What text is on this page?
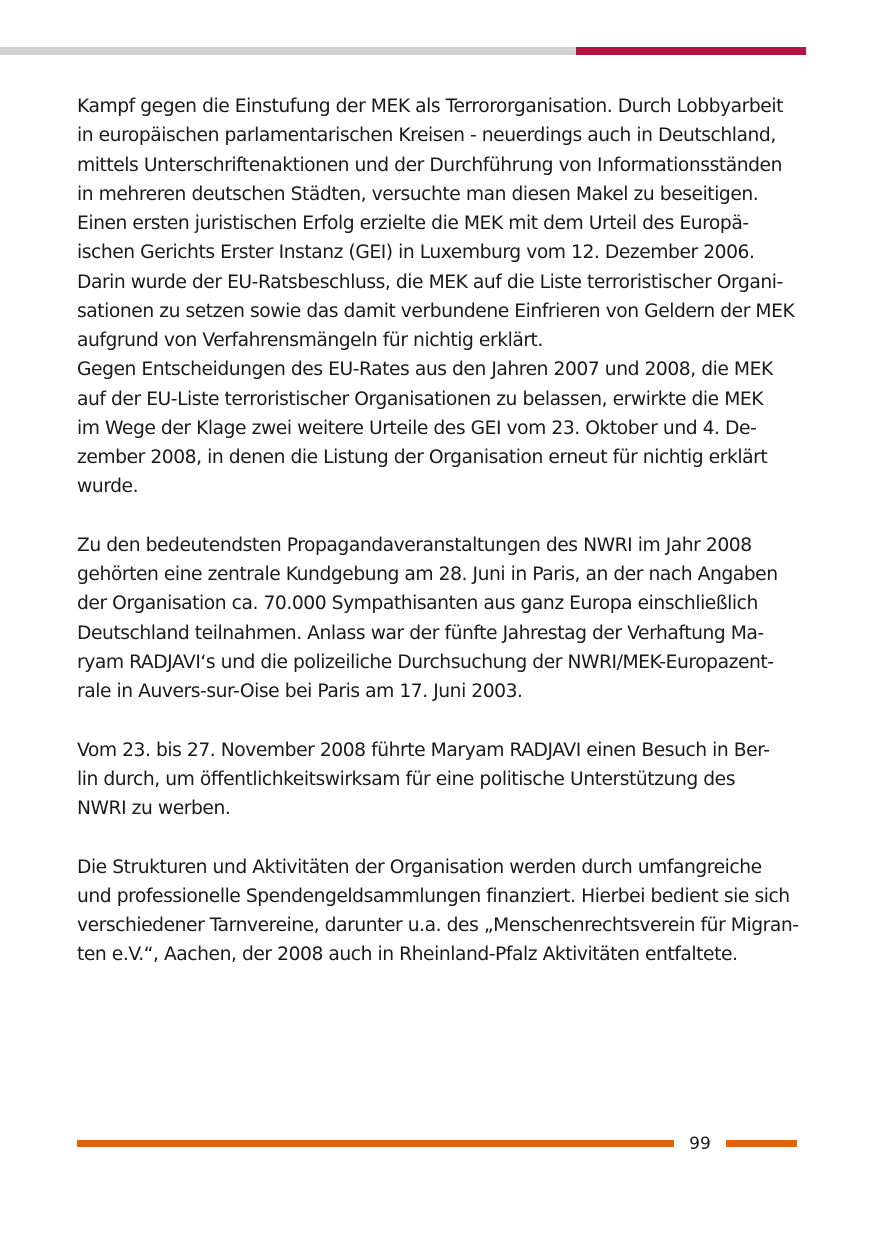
Kampf gegen die Einstufung der MEK als Terrororganisation. Durch Lobbyarbeit
in europäischen parlamentarischen Kreisen - neuerdings auch in Deutschland,
mittels Unterschriftenaktionen und der Durchführung von Informationsständen
in mehreren deutschen Städten, versuchte man diesen Makel zu beseitigen.
Einen ersten juristischen Erfolg erzielte die MEK mit dem Urteil des Europä-
ischen Gerichts Erster Instanz (GEI) in Luxemburg vom 12. Dezember 2006.
Darin wurde der EU-Ratsbeschluss, die MEK auf die Liste terroristischer Organi-
sationen zu setzen sowie das damit verbundene Einfrieren von Geldern der MEK
aufgrund von Verfahrensmängeln für nichtig erklärt.
Gegen Entscheidungen des EU-Rates aus den Jahren 2007 und 2008, die MEK
auf der EU-Liste terroristischer Organisationen zu belassen, erwirkte die MEK
im Wege der Klage zwei weitere Urteile des GEI vom 23. Oktober und 4. De-
zember 2008, in denen die Listung der Organisation erneut für nichtig erklärt
wurde.
Zu den bedeutendsten Propagandaveranstaltungen des NWRI im Jahr 2008
gehörten eine zentrale Kundgebung am 28. Juni in Paris, an der nach Angaben
der Organisation ca. 70.000 Sympathisanten aus ganz Europa einschließlich
Deutschland teilnahmen. Anlass war der fünfte Jahrestag der Verhaftung Ma-
ryam RADJAVI‘s und die polizeiliche Durchsuchung der NWRI/MEK-Europazent-
rale in Auvers-sur-Oise bei Paris am 17. Juni 2003.
Vom 23. bis 27. November 2008 führte Maryam RADJAVI einen Besuch in Ber-
lin durch, um öffentlichkeitswirksam für eine politische Unterstützung des
NWRI zu werben.
Die Strukturen und Aktivitäten der Organisation werden durch umfangreiche
und professionelle Spendengeldsammlungen finanziert. Hierbei bedient sie sich
verschiedener Tarnvereine, darunter u.a. des „Menschenrechtsverein für Migran-
ten e.V.“, Aachen, der 2008 auch in Rheinland-Pfalz Aktivitäten entfaltete.
99
